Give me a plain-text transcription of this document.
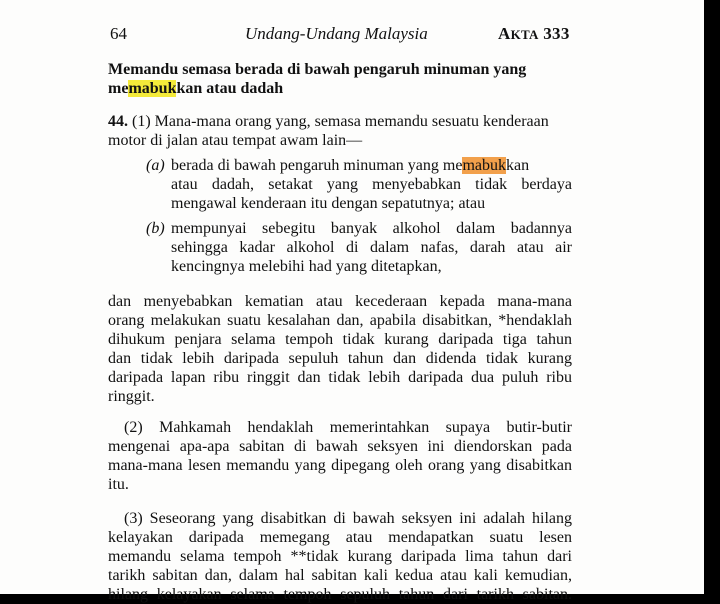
64	Undang-Undang Malaysia	AKTA 333
Memandu semasa berada di bawah pengaruh minuman yang
memabukkan atau dadah
44. (1) Mana-mana orang yang, semasa memandu sesuatu kenderaan
motor di jalan atau tempat awam lain—
(a) berada di bawah pengaruh minuman yang memabukkan
atau dadah, setakat yang menyebabkan tidak berdaya
mengawal kenderaan itu dengan sepatutnya; atau
(b) mempunyai sebegitu banyak alkohol dalam badannya
sehingga kadar alkohol di dalam nafas, darah atau air
kencingnya melebihi had yang ditetapkan,
dan menyebabkan kematian atau kecederaan kepada mana-mana
orang melakukan suatu kesalahan dan, apabila disabitkan, *hendaklah
dihukum penjara selama tempoh tidak kurang daripada tiga tahun
dan tidak lebih daripada sepuluh tahun dan didenda tidak kurang
daripada lapan ribu ringgit dan tidak lebih daripada dua puluh ribu
ringgit.
(2) Mahkamah hendaklah memerintahkan supaya butir-butir
mengenai apa-apa sabitan di bawah seksyen ini diendorskan pada
mana-mana lesen memandu yang dipegang oleh orang yang disabitkan
itu.
(3) Seseorang yang disabitkan di bawah seksyen ini adalah hilang
kelayakan daripada memegang atau mendapatkan suatu lesen
memandu selama tempoh **tidak kurang daripada lima tahun dari
tarikh sabitan dan, dalam hal sabitan kali kedua atau kali kemudian,
hilang kelayakan selama tempoh sepuluh tahun dari tarikh sabitan.
